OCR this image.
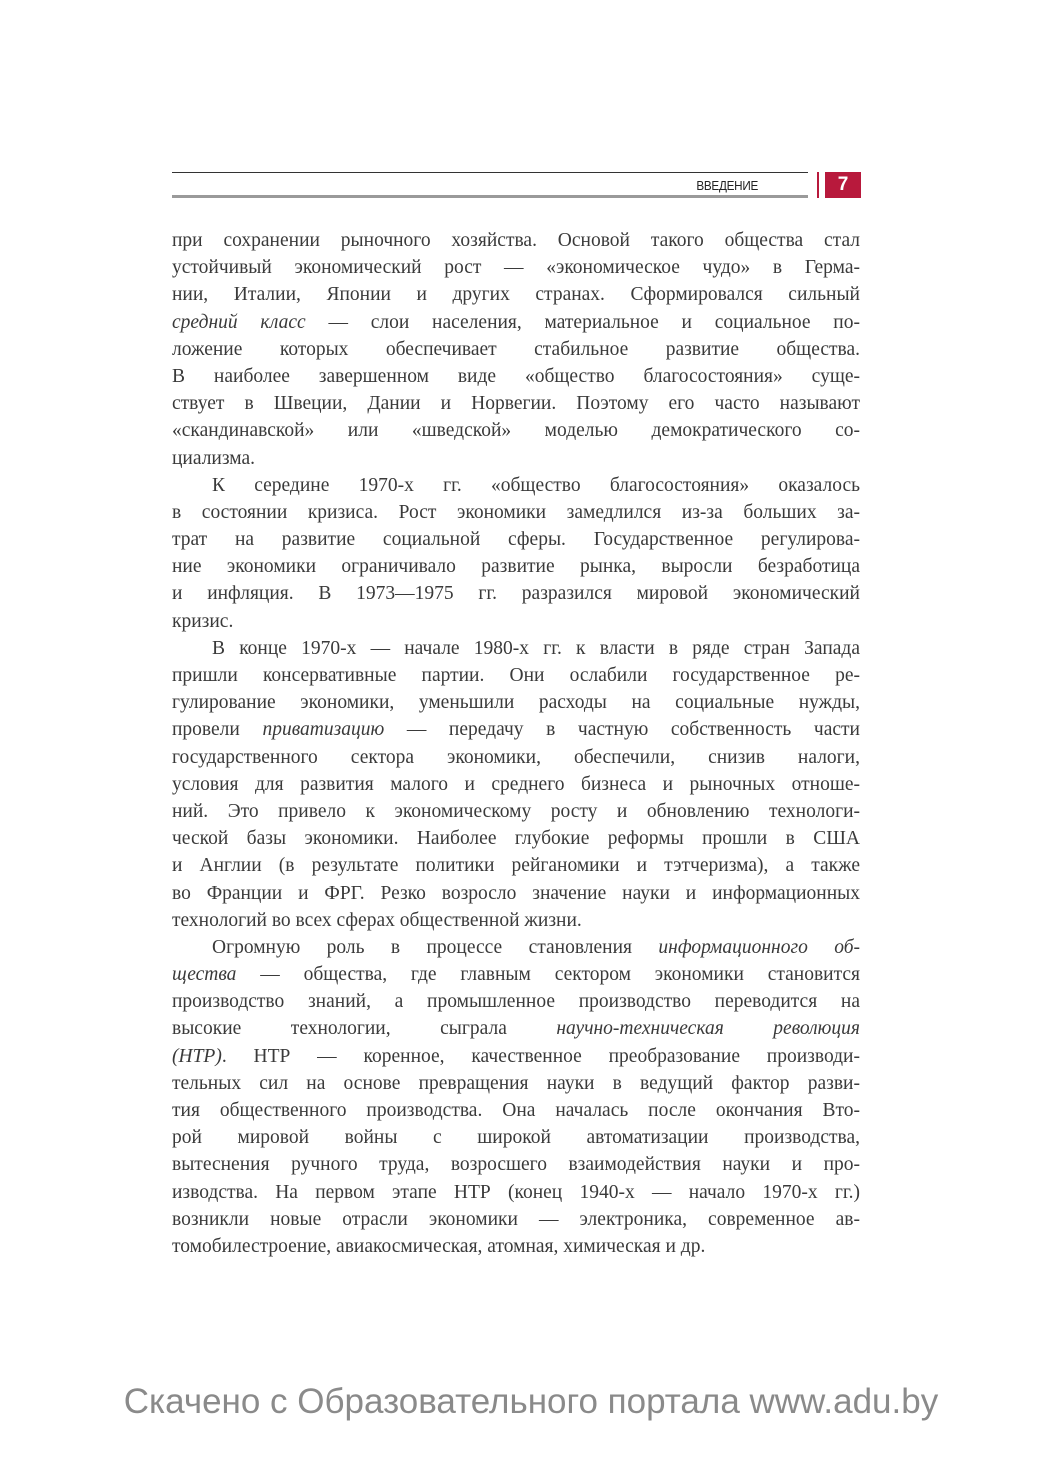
ВВЕДЕНИЕ	7
при сохранении рыночного хозяйства. Основой такого общества стал
устойчивый экономический рост — «экономическое чудо» в Герма-
нии, Италии, Японии и других странах. Сформировался сильный
средний класс — слои населения, материальное и социальное по-
ложение которых обеспечивает стабильное развитие общества.
В наиболее завершенном виде «общество благосостояния» суще-
ствует в Швеции, Дании и Норвегии. Поэтому его часто называют
«скандинавской» или «шведской» моделью демократического со-
циализма.
К середине 1970-х гг. «общество благосостояния» оказалось
в состоянии кризиса. Рост экономики замедлился из-за больших за-
трат на развитие социальной сферы. Государственное регулирова-
ние экономики ограничивало развитие рынка, выросли безработица
и инфляция. В 1973—1975 гг. разразился мировой экономический
кризис.
В конце 1970-х — начале 1980-х гг. к власти в ряде стран Запада
пришли консервативные партии. Они ослабили государственное ре-
гулирование экономики, уменьшили расходы на социальные нужды,
провели приватизацию — передачу в частную собственность части
государственного сектора экономики, обеспечили, снизив налоги,
условия для развития малого и среднего бизнеса и рыночных отноше-
ний. Это привело к экономическому росту и обновлению технологи-
ческой базы экономики. Наиболее глубокие реформы прошли в США
и Англии (в результате политики рейганомики и тэтчеризма), а также
во Франции и ФРГ. Резко возросло значение науки и информационных
технологий во всех сферах общественной жизни.
Огромную роль в процессе становления информационного об-
щества — общества, где главным сектором экономики становится
производство знаний, а промышленное производство переводится на
высокие технологии, сыграла научно-техническая революция
(НТР). НТР — коренное, качественное преобразование производи-
тельных сил на основе превращения науки в ведущий фактор разви-
тия общественного производства. Она началась после окончания Вто-
рой мировой войны с широкой автоматизации производства,
вытеснения ручного труда, возросшего взаимодействия науки и про-
изводства. На первом этапе НТР (конец 1940-х — начало 1970-х гг.)
возникли новые отрасли экономики — электроника, современное ав-
томобилестроение, авиакосмическая, атомная, химическая и др.
Скачено с Образовательного портала www.adu.by
